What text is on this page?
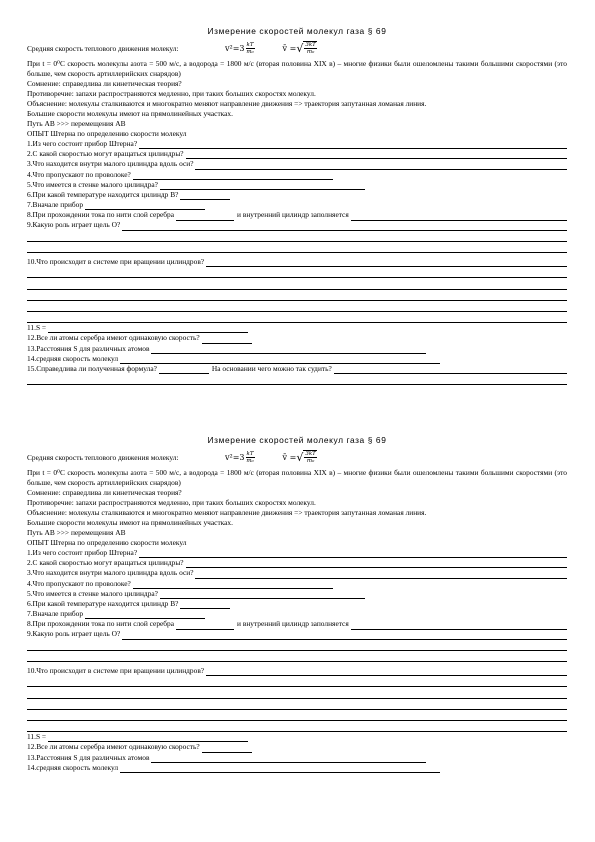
Измерение скоростей молекул газа § 69
Средняя скорость теплового движения молекул:	$v^2=3 \frac{kT}{\text{m₀}}$	v̄ = √ $\frac{3kT}{\text{m₀}}$
При t = 0⁰С скорость молекулы азота = 500 м/с, а водорода = 1800 м/с (вторая половина XIX в) – многие физики были ошеломлены такими большими скоростями (это больше, чем скорость артиллерийских снарядов)
Сомнение: справедлива ли кинетическая теория?
Противоречие: запахи распространяются медленно, при таких больших скоростях молекул.
Объяснение: молекулы сталкиваются и многократно меняют направление движения => траектория запутанная ломаная линия.
Большие скорости молекулы имеют на прямолинейных участках.
Путь АВ >>> перемещения АВ
ОПЫТ Штерна по определению скорости молекул
1.Из чего состоит прибор Штерна?
2.С какой скоростью могут вращаться цилиндры?
3.Что находится внутри малого цилиндра вдоль оси?
4.Что пропускают по проволоке?
5.Что имеется в стенке малого цилиндра?
6.При какой температуре находится цилиндр В?
7.Вначале прибор
8.При прохождении тока по нити слой серебра	и внутренний цилиндр заполняется
9.Какую роль играет щель О?
10.Что происходит в системе при вращении цилиндров?
11.S =
12.Все ли атомы серебра имеют одинаковую скорость?
13.Расстояния S для различных атомов
14.средняя скорость молекул
15.Справедлива ли полученная формула?	На основании чего можно так судить?
Измерение скоростей молекул газа § 69
Средняя скорость теплового движения молекул:	$v^2=3 \frac{kT}{\text{m₀}}$	v̄ = √ $\frac{3kT}{\text{m₀}}$
При t = 0⁰С скорость молекулы азота = 500 м/с, а водорода = 1800 м/с (вторая половина XIX в) – многие физики были ошеломлены такими большими скоростями (это больше, чем скорость артиллерийских снарядов)
Сомнение: справедлива ли кинетическая теория?
Противоречие: запахи распространяются медленно, при таких больших скоростях молекул.
Объяснение: молекулы сталкиваются и многократно меняют направление движения => траектория запутанная ломаная линия.
Большие скорости молекулы имеют на прямолинейных участках.
Путь АВ >>> перемещения АВ
ОПЫТ Штерна по определению скорости молекул
1.Из чего состоит прибор Штерна?
2.С какой скоростью могут вращаться цилиндры?
3.Что находится внутри малого цилиндра вдоль оси?
4.Что пропускают по проволоке?
5.Что имеется в стенке малого цилиндра?
6.При какой температуре находится цилиндр В?
7.Вначале прибор
8.При прохождении тока по нити слой серебра	и внутренний цилиндр заполняется
9.Какую роль играет щель О?
10.Что происходит в системе при вращении цилиндров?
11.S =
12.Все ли атомы серебра имеют одинаковую скорость?
13.Расстояния S для различных атомов
14.средняя скорость молекул
